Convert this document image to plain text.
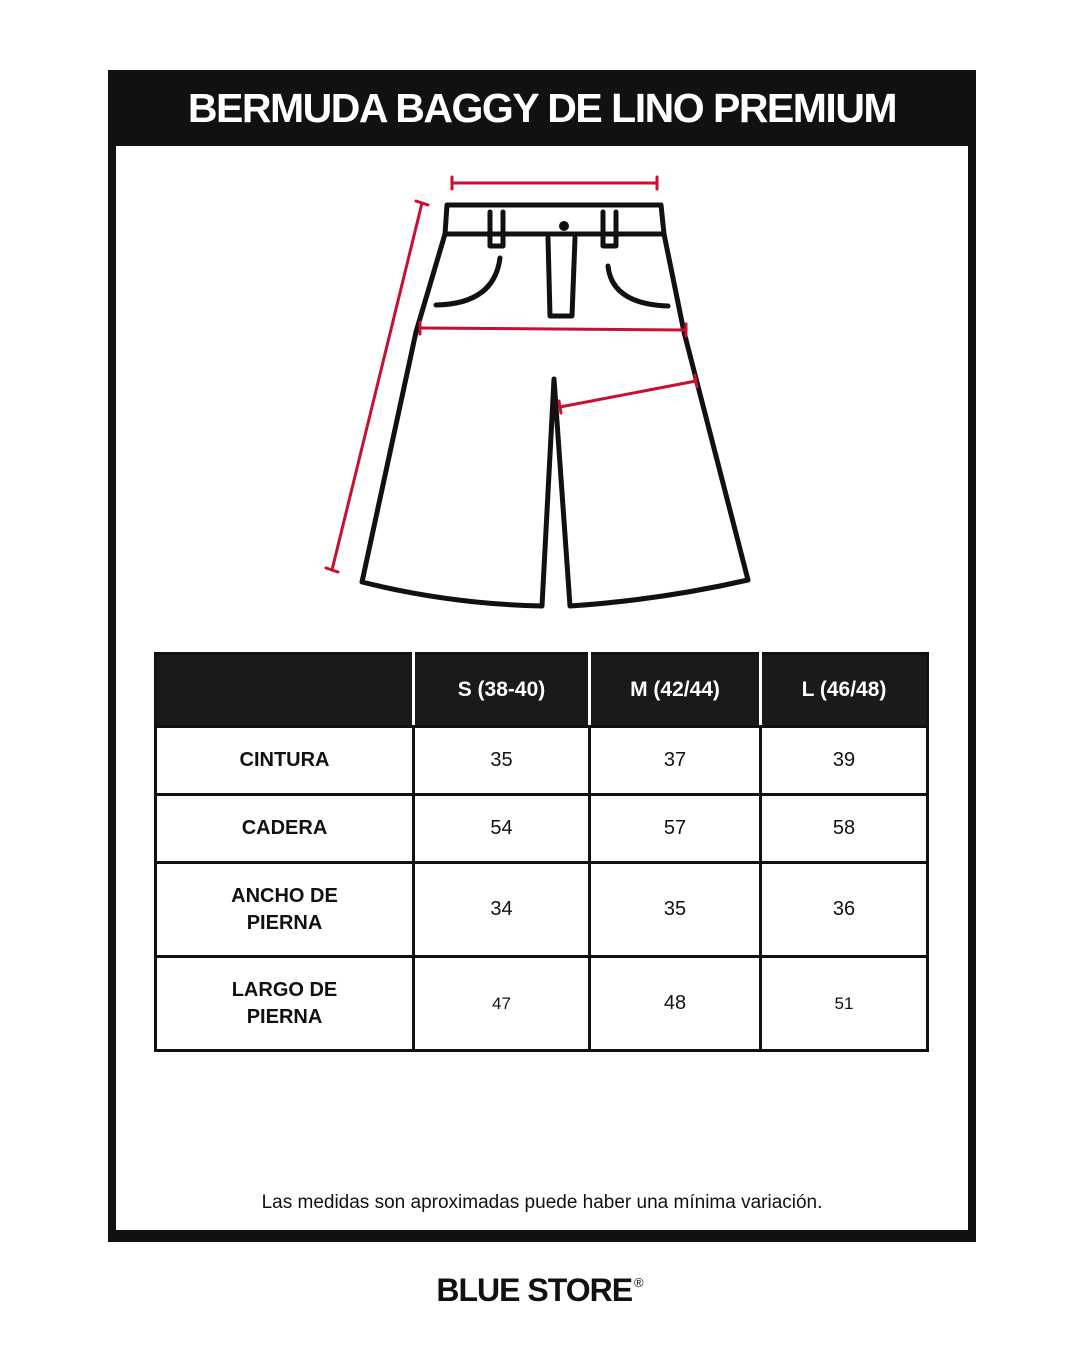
BERMUDA BAGGY DE LINO PREMIUM
	S (38-40)	M (42/44)	L (46/48)
CINTURA	35	37	39
CADERA	54	57	58
ANCHO DE
PIERNA	34	35	36
LARGO DE
PIERNA	47	48	51
Las medidas son aproximadas puede haber una mínima variación.
BLUE STORE ®
